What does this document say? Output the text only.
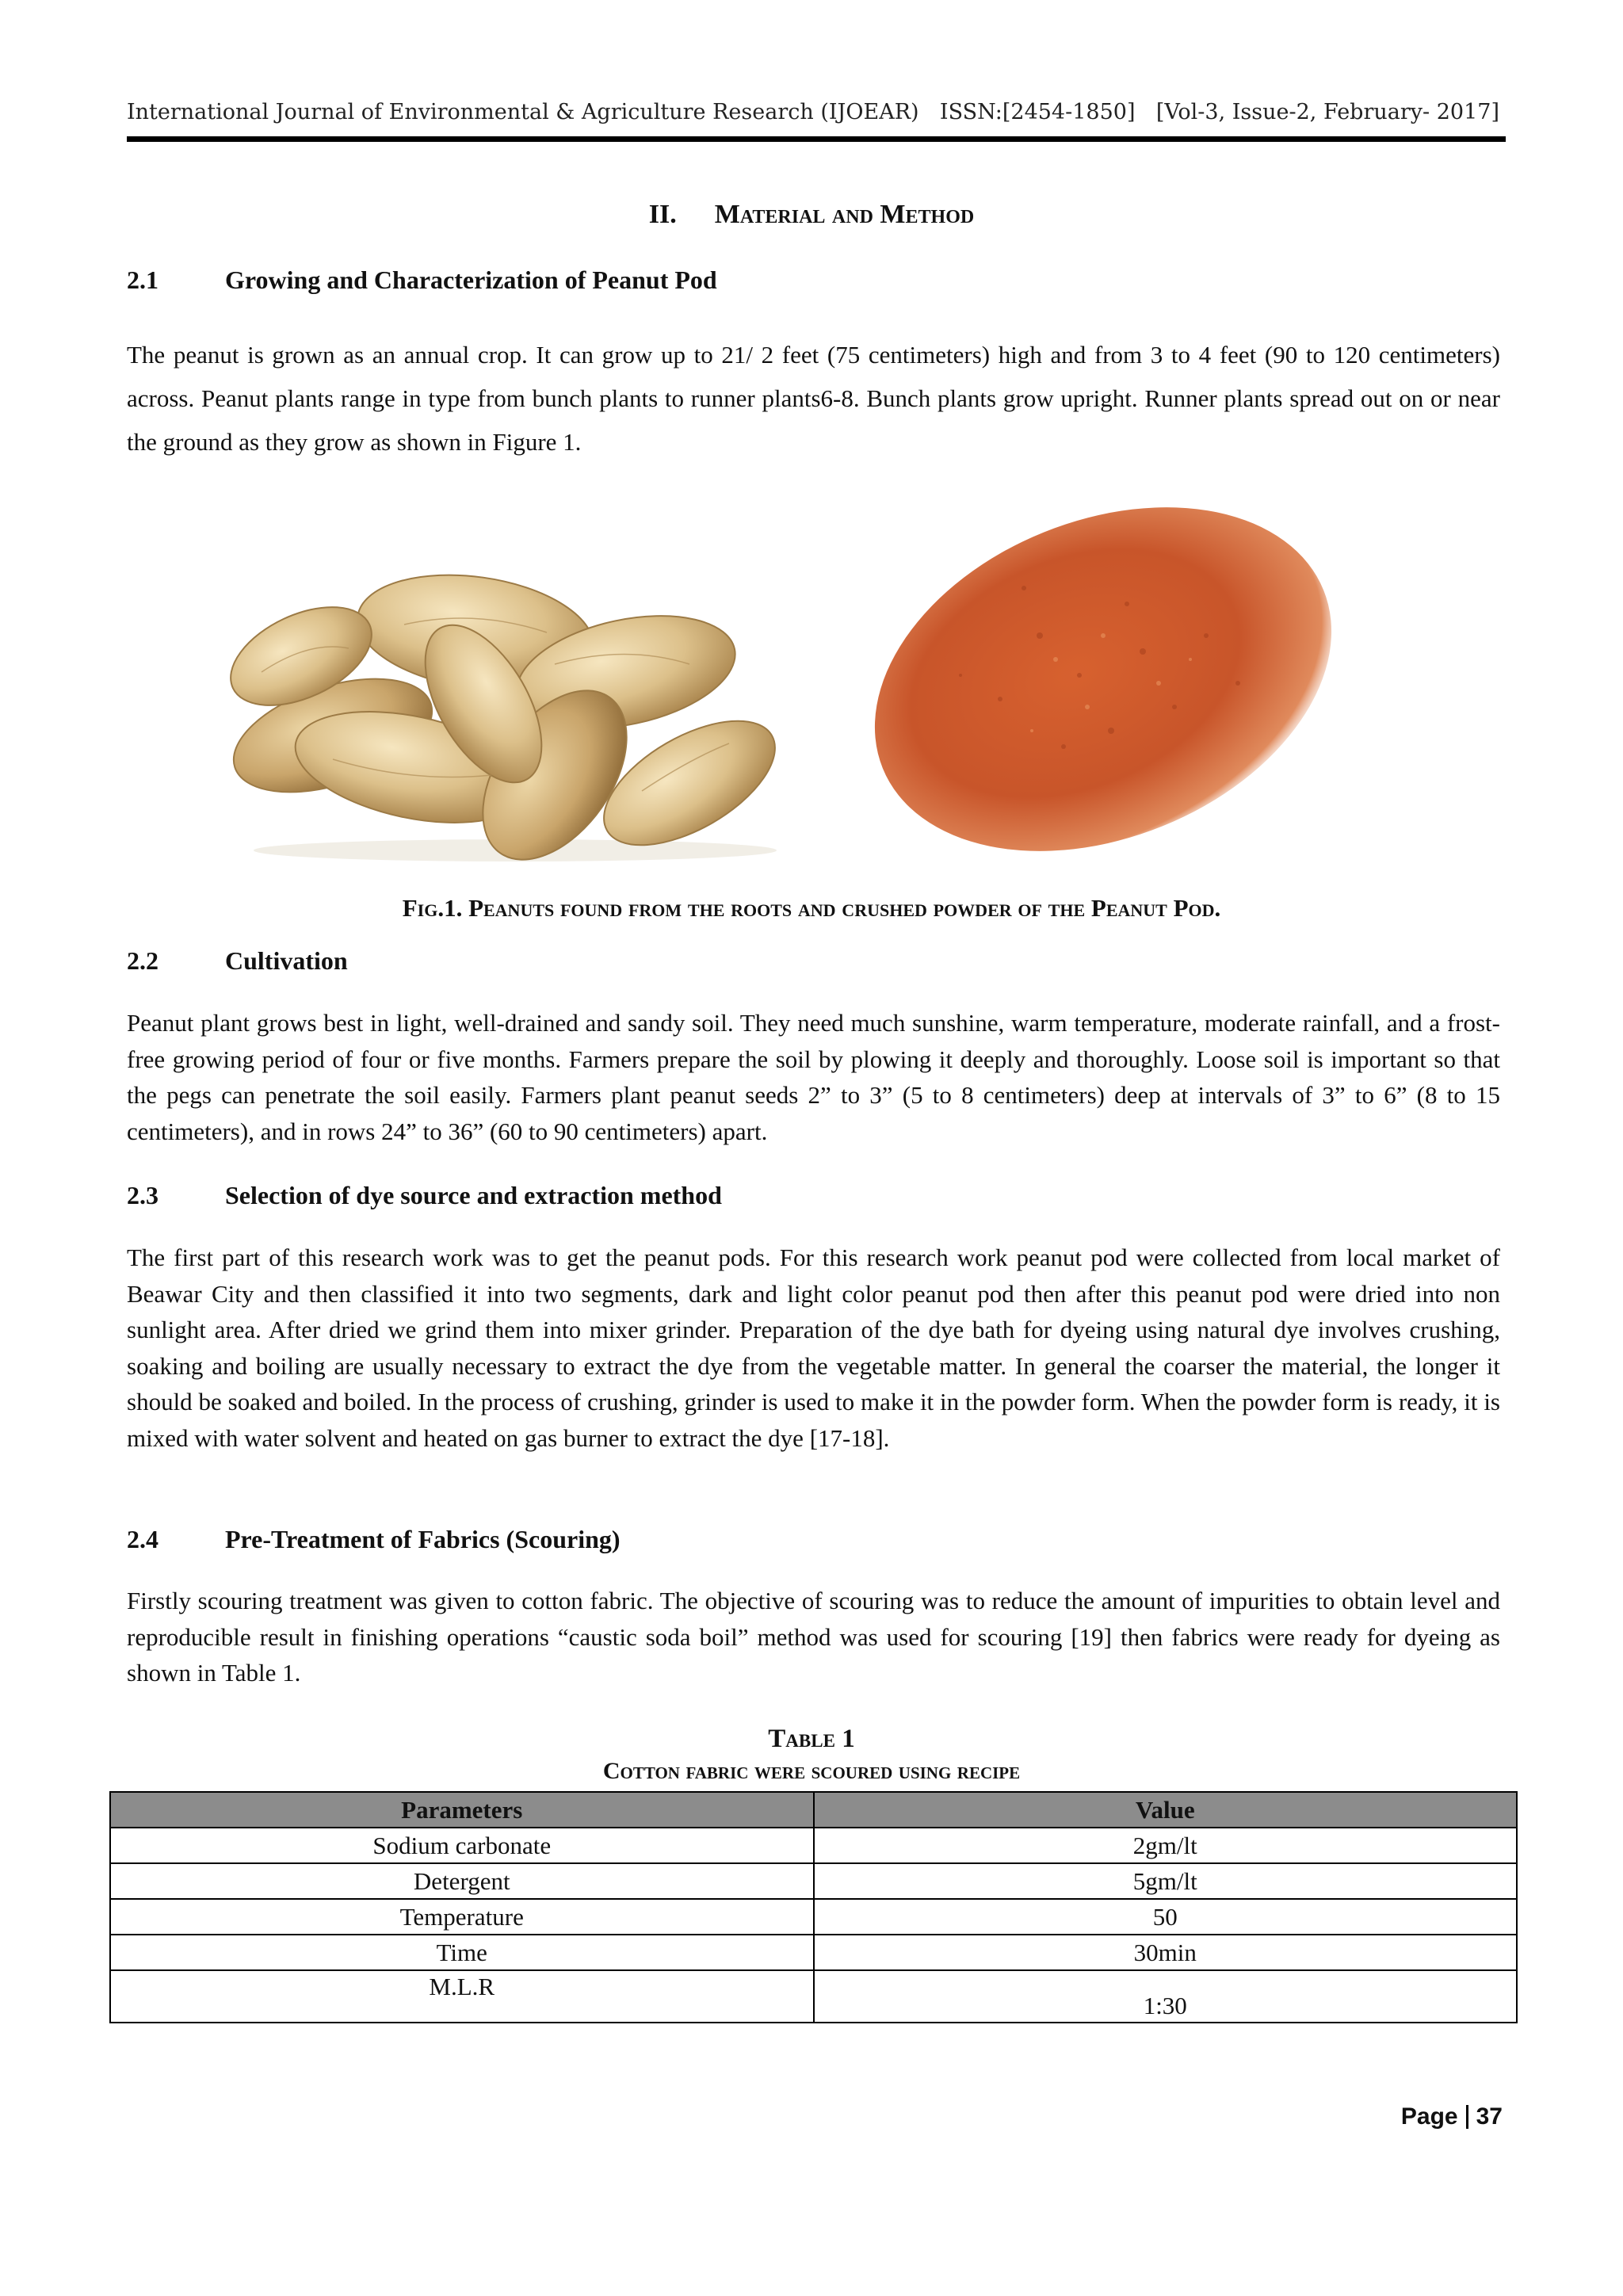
International Journal of Environmental & Agriculture Research (IJOEAR) ISSN:[2454-1850] [Vol-3, Issue-2, February- 2017]
II. Material and Method
2.1	Growing and Characterization of Peanut Pod

The peanut is grown as an annual crop. It can grow up to 21/ 2 feet (75 centimeters) high and from 3 to 4 feet (90 to 120 centimeters) across. Peanut plants range in type from bunch plants to runner plants6-8. Bunch plants grow upright. Runner plants spread out on or near the ground as they grow as shown in Figure 1.

Fig.1. Peanuts found from the roots and crushed powder of the Peanut Pod.
2.2	Cultivation

Peanut plant grows best in light, well-drained and sandy soil. They need much sunshine, warm temperature, moderate rainfall, and a frost-free growing period of four or five months. Farmers prepare the soil by plowing it deeply and thoroughly. Loose soil is important so that the pegs can penetrate the soil easily. Farmers plant peanut seeds 2” to 3” (5 to 8 centimeters) deep at intervals of 3” to 6” (8 to 15 centimeters), and in rows 24” to 36” (60 to 90 centimeters) apart.

2.3	Selection of dye source and extraction method

The first part of this research work was to get the peanut pods. For this research work peanut pod were collected from local market of Beawar City and then classified it into two segments, dark and light color peanut pod then after this peanut pod were dried into non sunlight area. After dried we grind them into mixer grinder. Preparation of the dye bath for dyeing using natural dye involves crushing, soaking and boiling are usually necessary to extract the dye from the vegetable matter. In general the coarser the material, the longer it should be soaked and boiled. In the process of crushing, grinder is used to make it in the powder form. When the powder form is ready, it is mixed with water solvent and heated on gas burner to extract the dye [17-18].

2.4	Pre-Treatment of Fabrics (Scouring)

Firstly scouring treatment was given to cotton fabric. The objective of scouring was to reduce the amount of impurities to obtain level and reproducible result in finishing operations “caustic soda boil” method was used for scouring [19] then fabrics were ready for dyeing as shown in Table 1.

Table 1
Cotton fabric were scoured using recipe
Parameters	Value
Sodium carbonate	2gm/lt
Detergent	5gm/lt
Temperature	50
Time	30min
M.L.R	1:30
Page 37
